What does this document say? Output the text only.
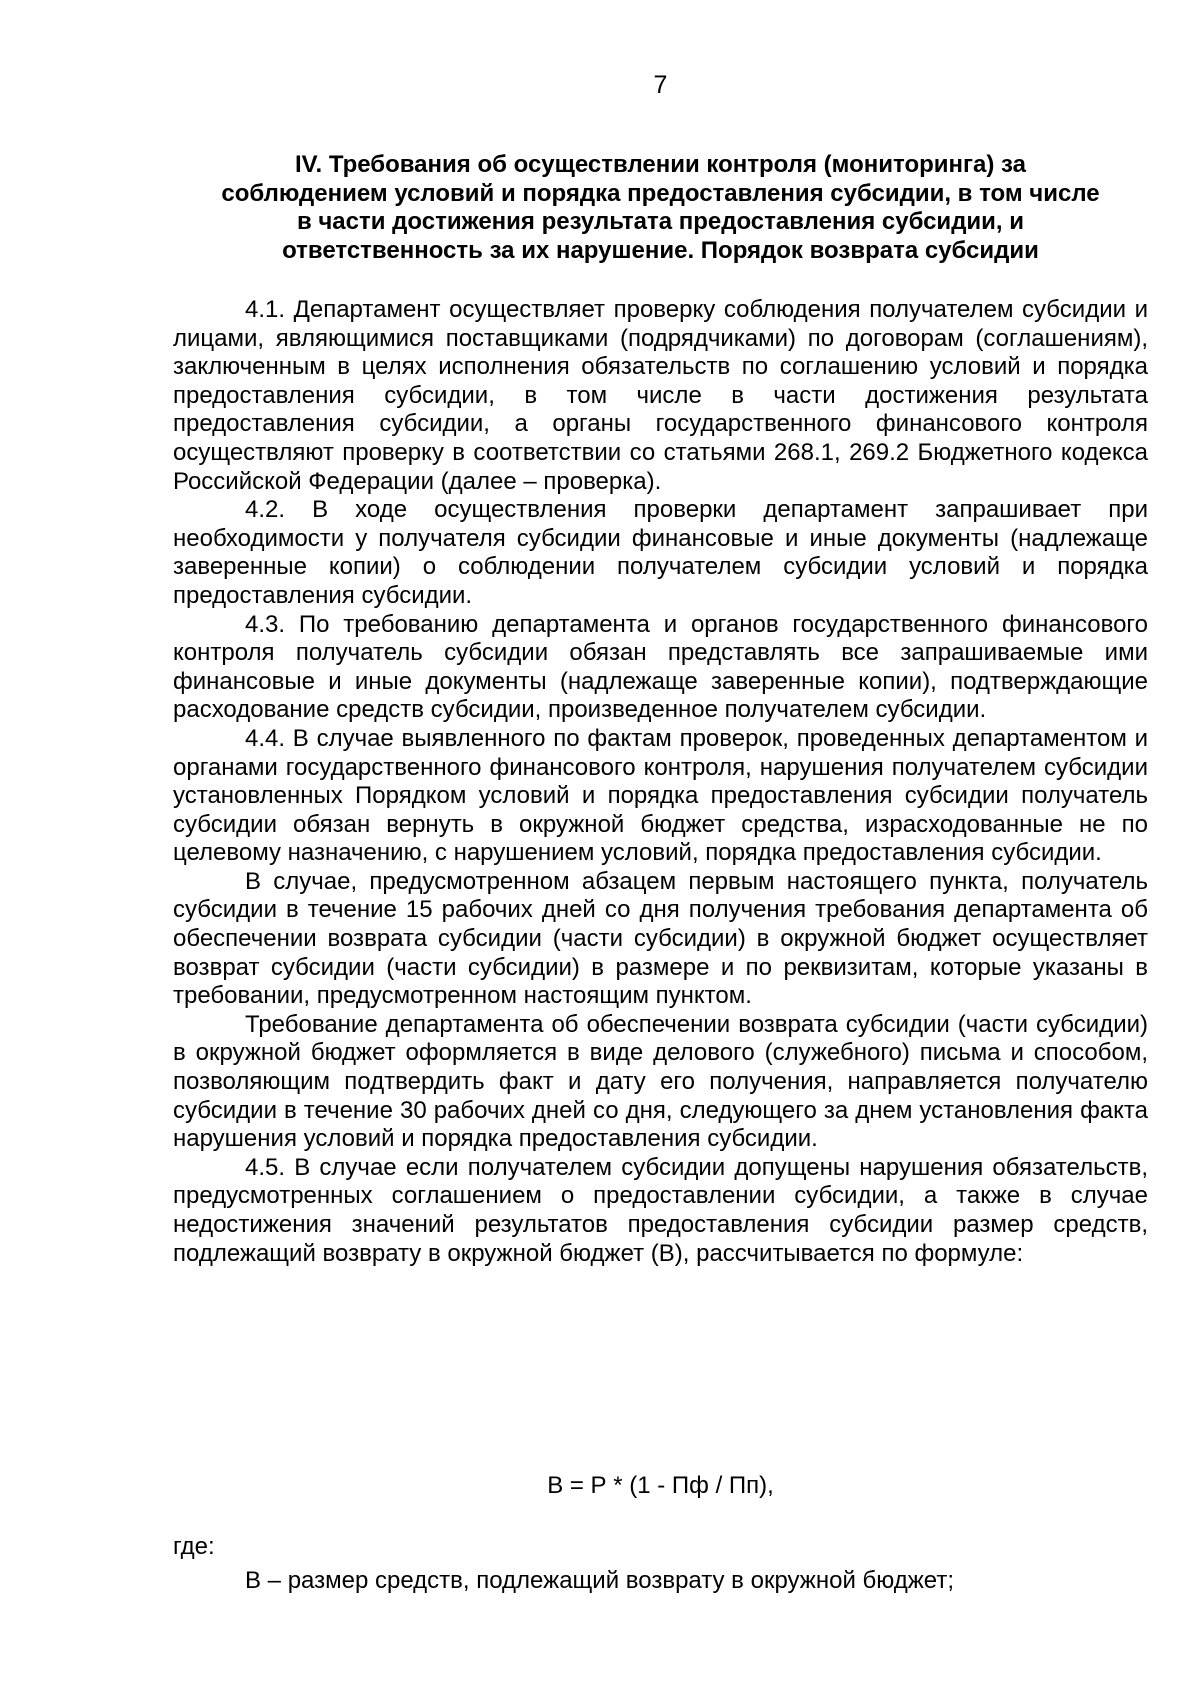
7
IV. Требования об осуществлении контроля (мониторинга) за
соблюдением условий и порядка предоставления субсидии, в том числе
в части достижения результата предоставления субсидии, и
ответственность за их нарушение. Порядок возврата субсидии

4.1. Департамент осуществляет проверку соблюдения получателем субсидии и лицами, являющимися поставщиками (подрядчиками) по договорам (соглашениям), заключенным в целях исполнения обязательств по соглашению условий и порядка предоставления субсидии, в том числе в части достижения результата предоставления субсидии, а органы государственного финансового контроля осуществляют проверку в соответствии со статьями 268.1, 269.2 Бюджетного кодекса Российской Федерации (далее – проверка).

4.2. В ходе осуществления проверки департамент запрашивает при необходимости у получателя субсидии финансовые и иные документы (надлежаще заверенные копии) о соблюдении получателем субсидии условий и порядка предоставления субсидии.

4.3. По требованию департамента и органов государственного финансового контроля получатель субсидии обязан представлять все запрашиваемые ими финансовые и иные документы (надлежаще заверенные копии), подтверждающие расходование средств субсидии, произведенное получателем субсидии.

4.4. В случае выявленного по фактам проверок, проведенных департаментом и органами государственного финансового контроля, нарушения получателем субсидии установленных Порядком условий и порядка предоставления субсидии получатель субсидии обязан вернуть в окружной бюджет средства, израсходованные не по целевому назначению, с нарушением условий, порядка предоставления субсидии.

В случае, предусмотренном абзацем первым настоящего пункта, получатель субсидии в течение 15 рабочих дней со дня получения требования департамента об обеспечении возврата субсидии (части субсидии) в окружной бюджет осуществляет возврат субсидии (части субсидии) в размере и по реквизитам, которые указаны в требовании, предусмотренном настоящим пунктом.

Требование департамента об обеспечении возврата субсидии (части субсидии) в окружной бюджет оформляется в виде делового (служебного) письма и способом, позволяющим подтвердить факт и дату его получения, направляется получателю субсидии в течение 30 рабочих дней со дня, следующего за днем установления факта нарушения условий и порядка предоставления субсидии.

4.5. В случае если получателем субсидии допущены нарушения обязательств, предусмотренных соглашением о предоставлении субсидии, а также в случае недостижения значений результатов предоставления субсидии размер средств, подлежащий возврату в окружной бюджет (В), рассчитывается по формуле:

В = Р * (1 - Пф / Пп),
где:
В – размер средств, подлежащий возврату в окружной бюджет;
